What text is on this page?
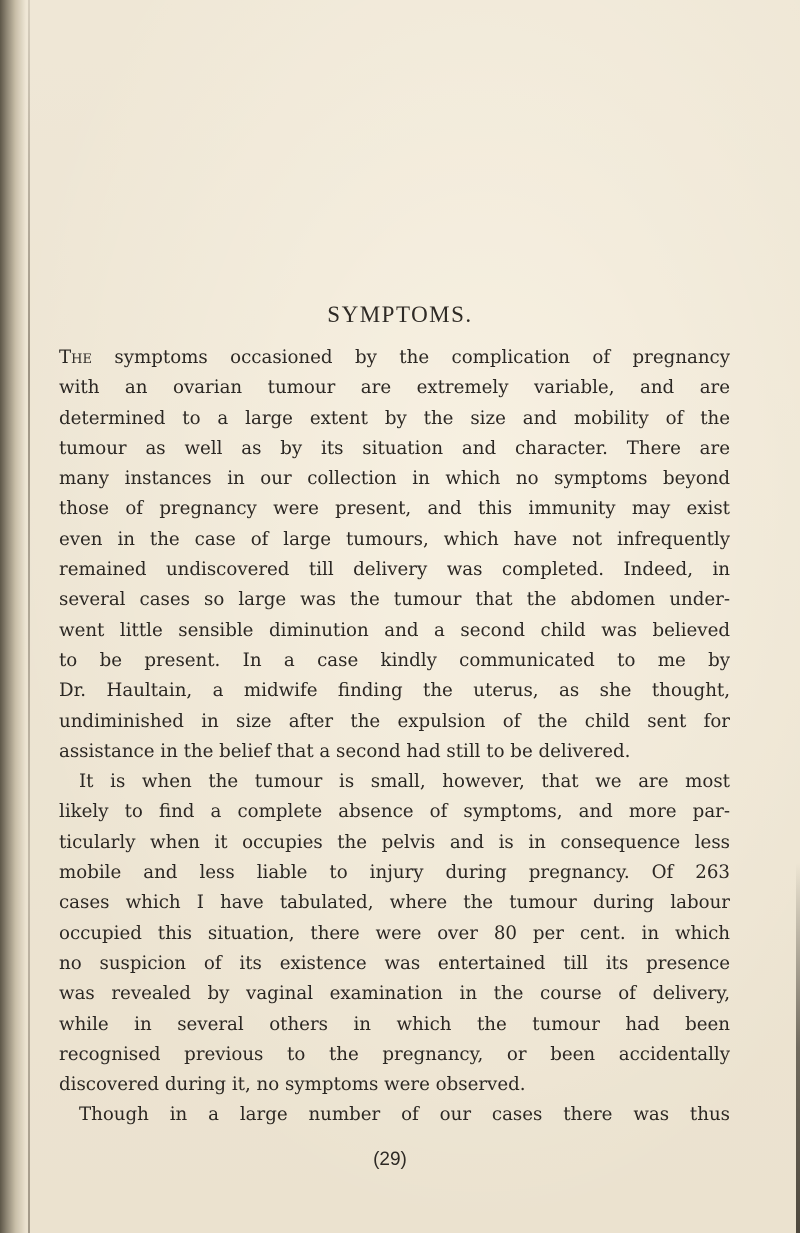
SYMPTOMS.
The symptoms occasioned by the complication of pregnancy
with an ovarian tumour are extremely variable, and are
determined to a large extent by the size and mobility of the
tumour as well as by its situation and character. There are
many instances in our collection in which no symptoms beyond
those of pregnancy were present, and this immunity may exist
even in the case of large tumours, which have not infrequently
remained undiscovered till delivery was completed. Indeed, in
several cases so large was the tumour that the abdomen under-
went little sensible diminution and a second child was believed
to be present. In a case kindly communicated to me by
Dr. Haultain, a midwife finding the uterus, as she thought,
undiminished in size after the expulsion of the child sent for
assistance in the belief that a second had still to be delivered.
It is when the tumour is small, however, that we are most
likely to find a complete absence of symptoms, and more par-
ticularly when it occupies the pelvis and is in consequence less
mobile and less liable to injury during pregnancy. Of 263
cases which I have tabulated, where the tumour during labour
occupied this situation, there were over 80 per cent. in which
no suspicion of its existence was entertained till its presence
was revealed by vaginal examination in the course of delivery,
while in several others in which the tumour had been
recognised previous to the pregnancy, or been accidentally
discovered during it, no symptoms were observed.
Though in a large number of our cases there was thus
(29)
